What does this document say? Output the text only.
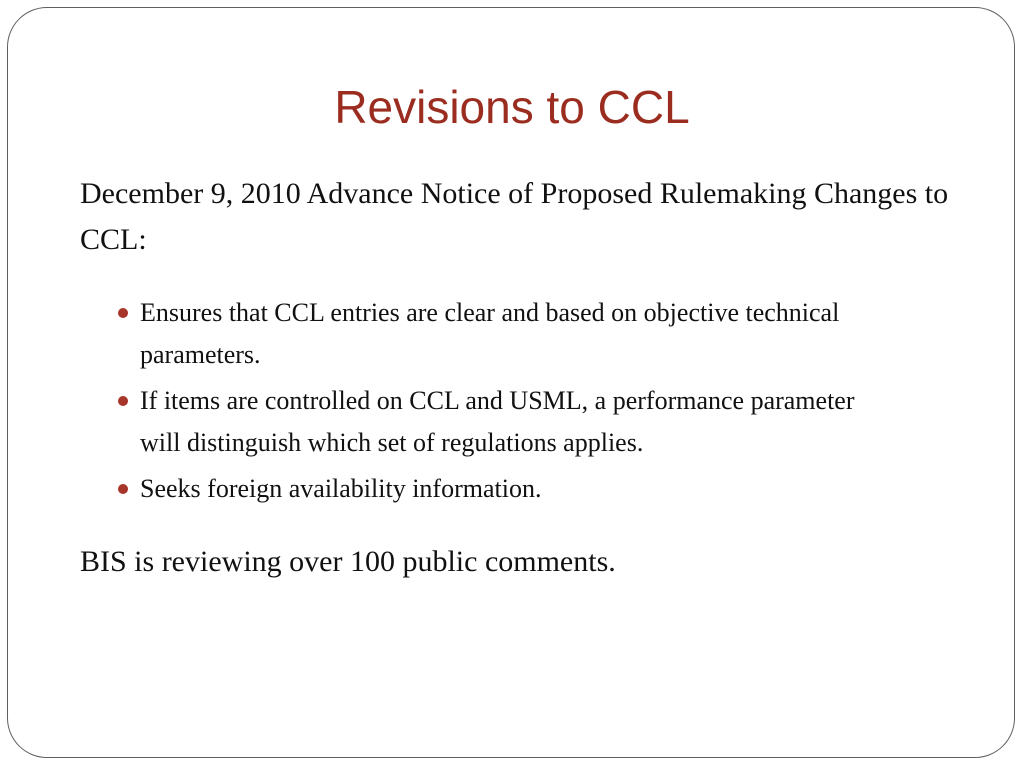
Revisions to CCL
December 9, 2010 Advance Notice of Proposed Rulemaking Changes to CCL:
Ensures that CCL entries are clear and based on objective technical parameters.
If items are controlled on CCL and USML, a performance parameter will distinguish which set of regulations applies.
Seeks foreign availability information.
BIS is reviewing over 100 public comments.
